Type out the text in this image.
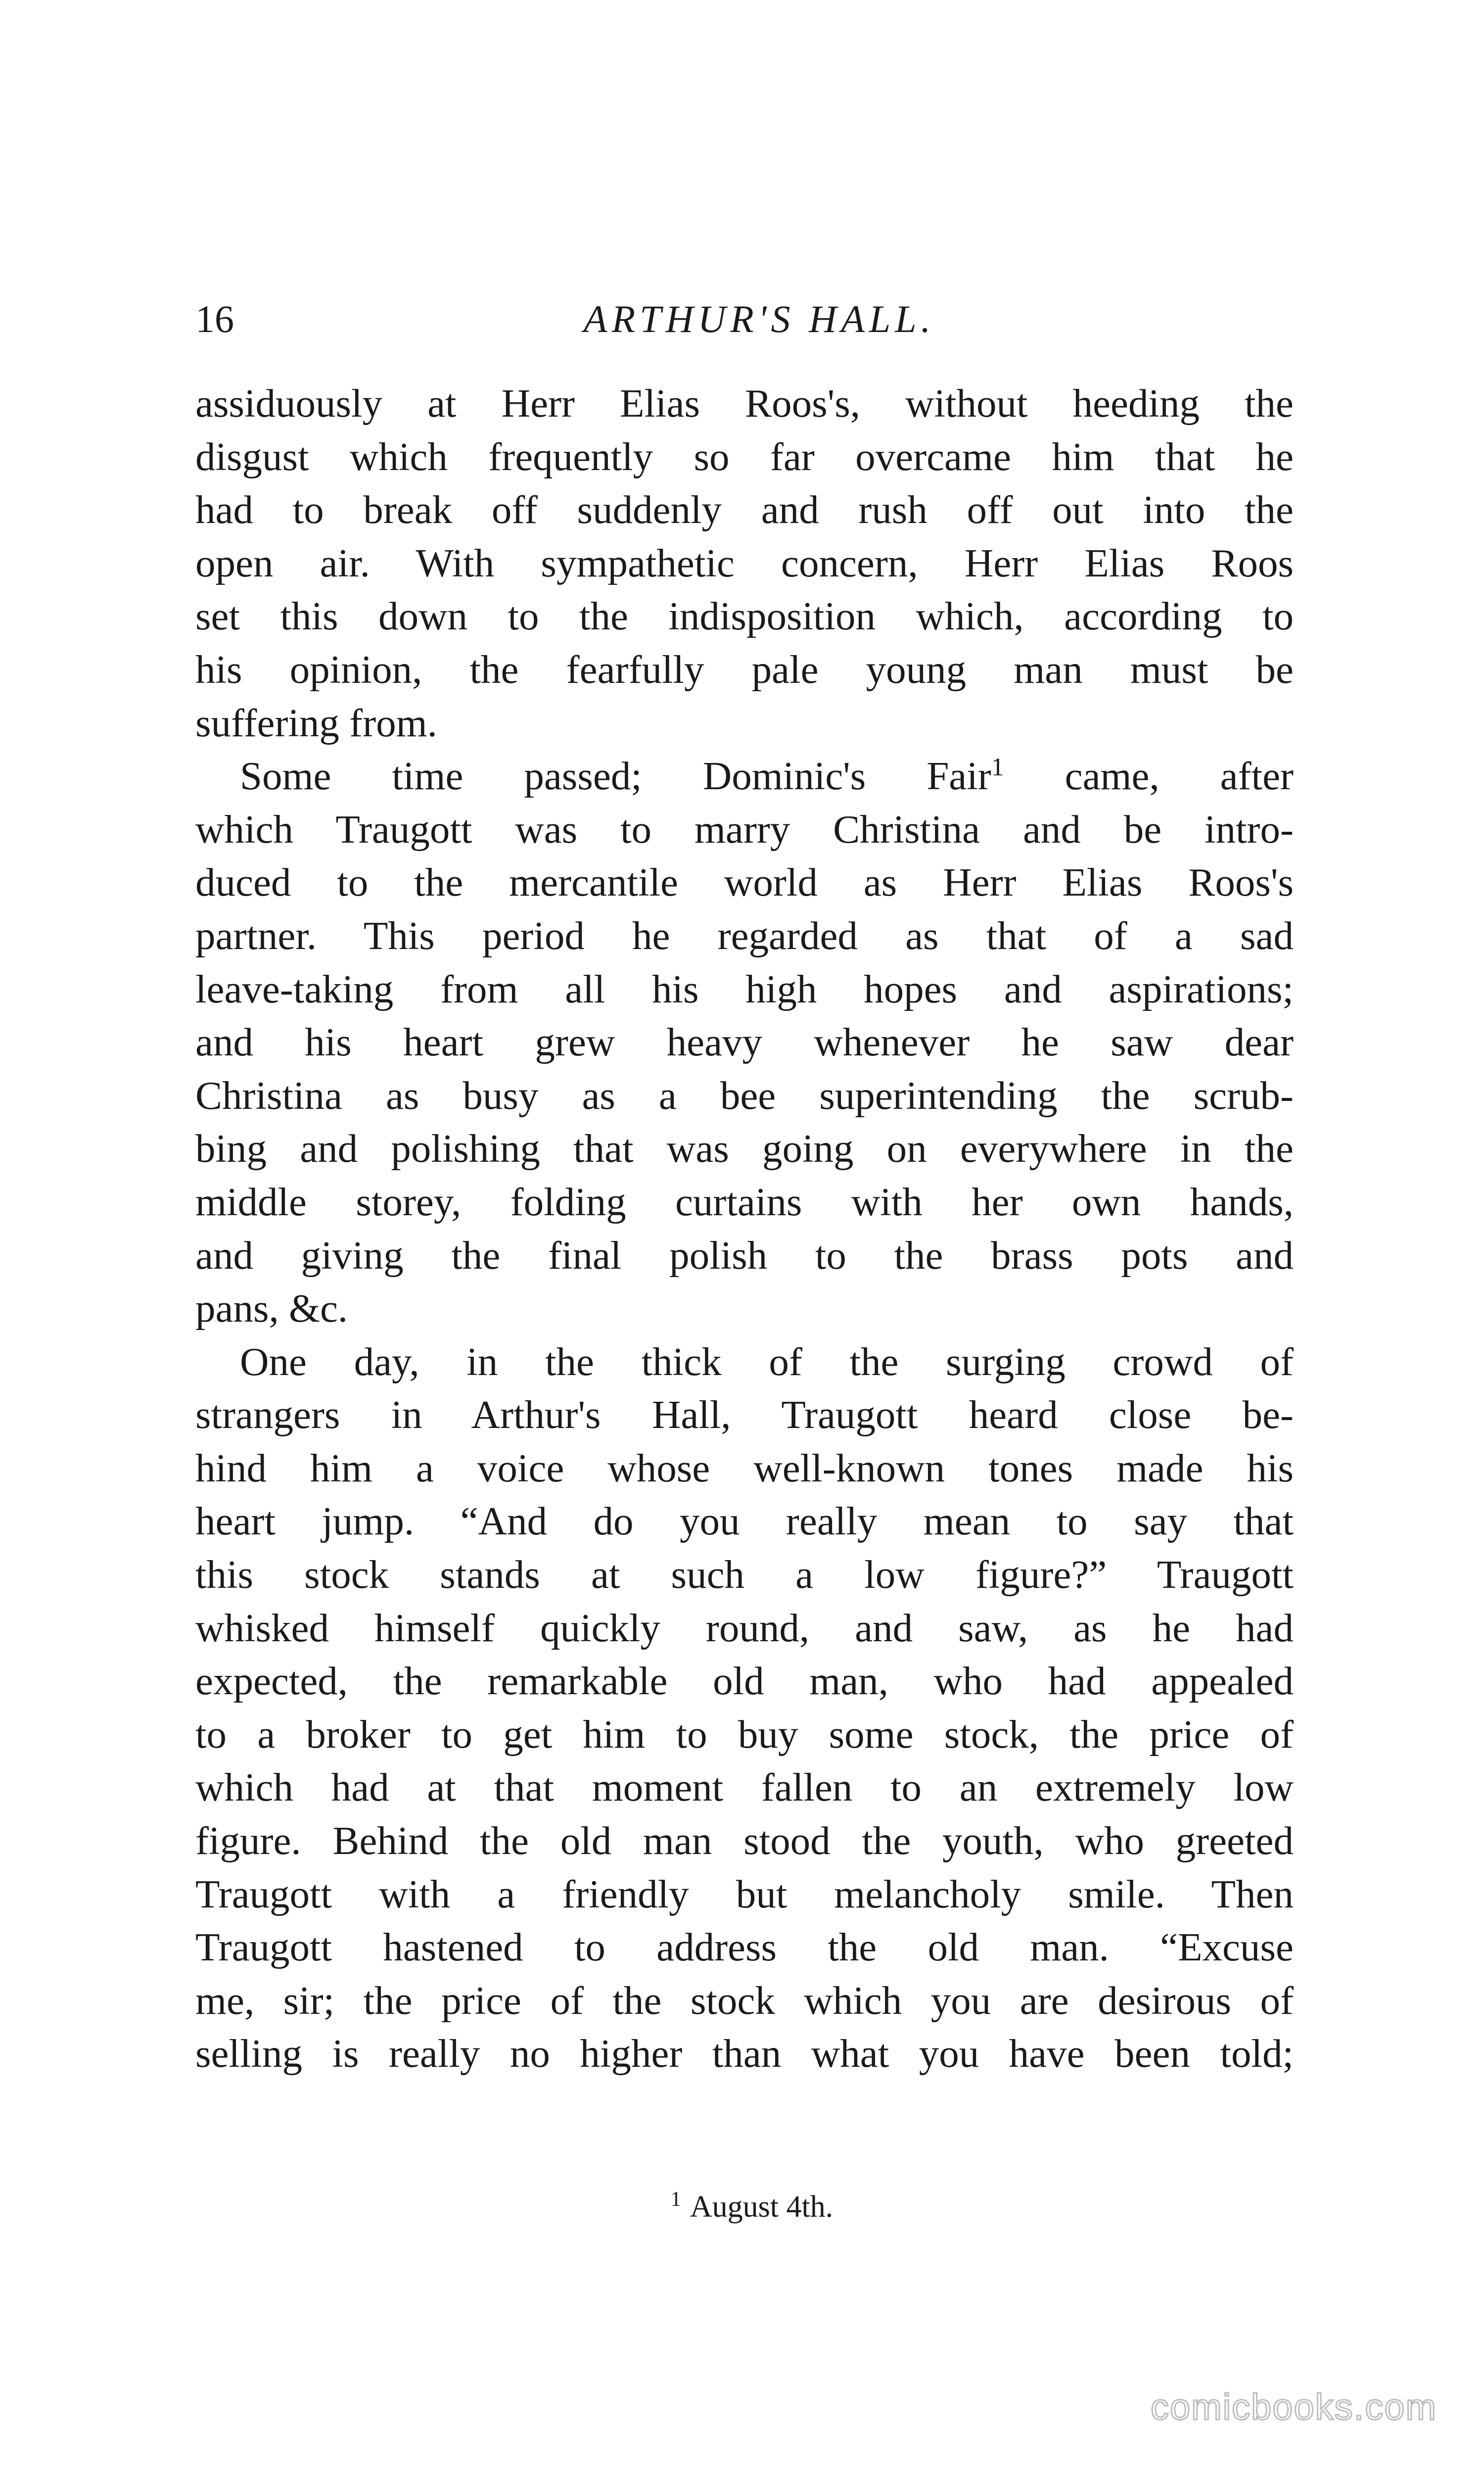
16	ARTHUR'S HALL.
assiduously at Herr Elias Roos's, without heeding the
disgust which frequently so far overcame him that he
had to break off suddenly and rush off out into the
open air. With sympathetic concern, Herr Elias Roos
set this down to the indisposition which, according to
his opinion, the fearfully pale young man must be
suffering from.
Some time passed; Dominic's Fair$^1$ came, after
which Traugott was to marry Christina and be intro-
duced to the mercantile world as Herr Elias Roos's
partner. This period he regarded as that of a sad
leave-taking from all his high hopes and aspirations;
and his heart grew heavy whenever he saw dear
Christina as busy as a bee superintending the scrub-
bing and polishing that was going on everywhere in the
middle storey, folding curtains with her own hands,
and giving the final polish to the brass pots and
pans, &c.
One day, in the thick of the surging crowd of
strangers in Arthur's Hall, Traugott heard close be-
hind him a voice whose well-known tones made his
heart jump. “And do you really mean to say that
this stock stands at such a low figure?” Traugott
whisked himself quickly round, and saw, as he had
expected, the remarkable old man, who had appealed
to a broker to get him to buy some stock, the price of
which had at that moment fallen to an extremely low
figure. Behind the old man stood the youth, who greeted
Traugott with a friendly but melancholy smile. Then
Traugott hastened to address the old man. “Excuse
me, sir; the price of the stock which you are desirous of
selling is really no higher than what you have been told;
$^1$ August 4th.
comicbooks.com
